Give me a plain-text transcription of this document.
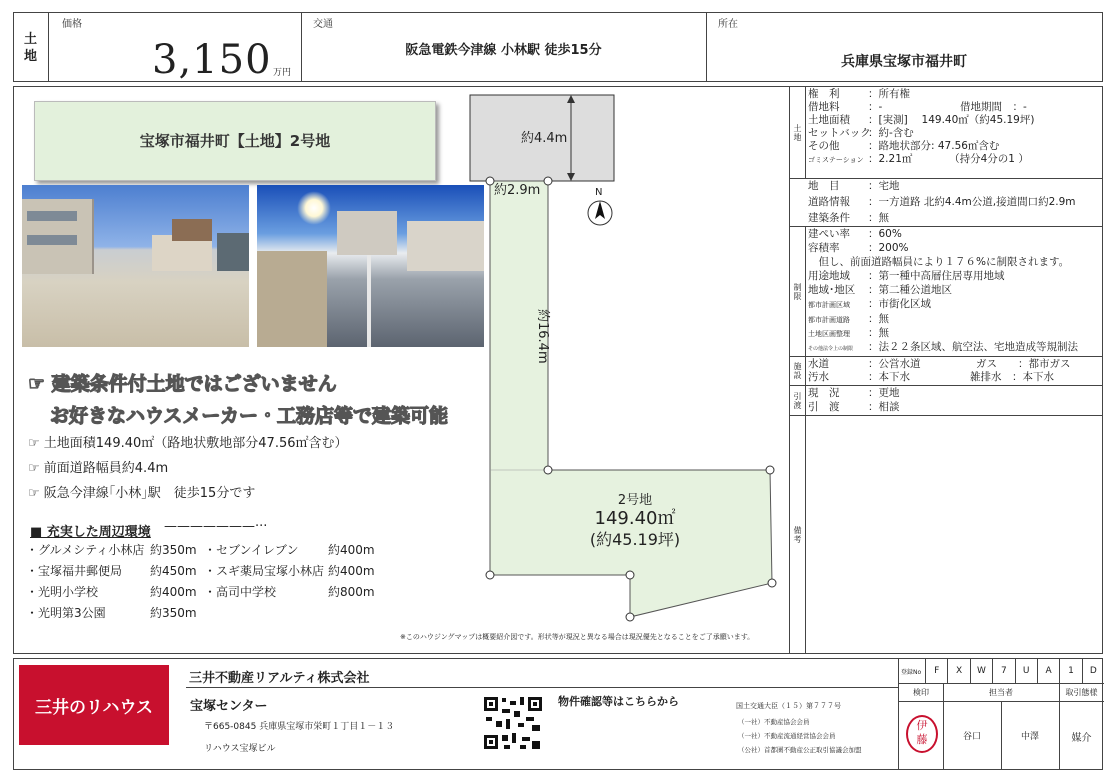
土
地
価格
3,150 万円
交通
阪急電鉄今津線 小林駅 徒歩15分
所在
兵庫県宝塚市福井町
宝塚市福井町【土地】2号地
☞ 建築条件付土地ではございません
お好きなハウスメーカー・工務店等で建築可能
☞ 土地面積149.40㎡（路地状敷地部分47.56㎡含む）
☞ 前面道路幅員約4.4m
☞ 阪急今津線｢小林｣駅　徒歩15分です
■ 充実した周辺環境 ———————···
・グルメシティ小林店 約350m
・宝塚福井郵便局 約450m
・光明小学校	約400m
・光明第3公園	約350m
・セブンイレブン 約400m
・スギ薬局宝塚小林店 約400m
・高司中学校	約800m
約4.4m
約2.9m
約16.4m
N
2号地
149.40㎡
(約45.19坪)
※このハウジングマップは概要紹介図です。形状等が現況と異なる場合は現況優先となることをご了承願います。
土
地
権　利	：所有権
借地料	：-	借地期間　：-
土地面積 ：[実測]　 149.40㎡（約45.19坪)
セットバック：約-含む
その他	：路地状部分: 47.56㎡含む
ゴミステーション ：2.21㎡　　　　（持分4分の1 ）
地　目	：宅地
道路情報 ：一方道路 北約4.4m公道,接道間口約2.9m
建築条件 ：無
制
限
建ぺい率 ：60%
容積率	：200%
　但し、前面道路幅員により１７６%に制限されます。
用途地域 ：第一種中高層住居専用地域
地域･地区 ：第二種公道地区
都市計画区域 ：市街化区域
都市計画道路 ：無
土地区画整理 ：無
その他法令上の制限 ：法２２条区域、航空法、宅地造成等規制法
施
設
水道	：公営水道	ガス　　：都市ガス
汚水	：本下水	雑排水　：本下水
引
渡
現　況	：更地
引　渡	：相談
備
考
三井のリハウス
三井不動産リアルティ株式会社
宝塚センター
〒665-0845 兵庫県宝塚市栄町１丁目１－１３
リハウス宝塚ビル
物件確認等はこちらから	国土交通大臣（１５）第７７７号
（一社）不動産協会会員
（一社）不動産流通経営協会会員
（公社）首都圏不動産公正取引協議会加盟
登録No	F	X	W	7	U	A	1	D
検印	担当者	取引態様
伊藤	谷口	中澤	媒介
